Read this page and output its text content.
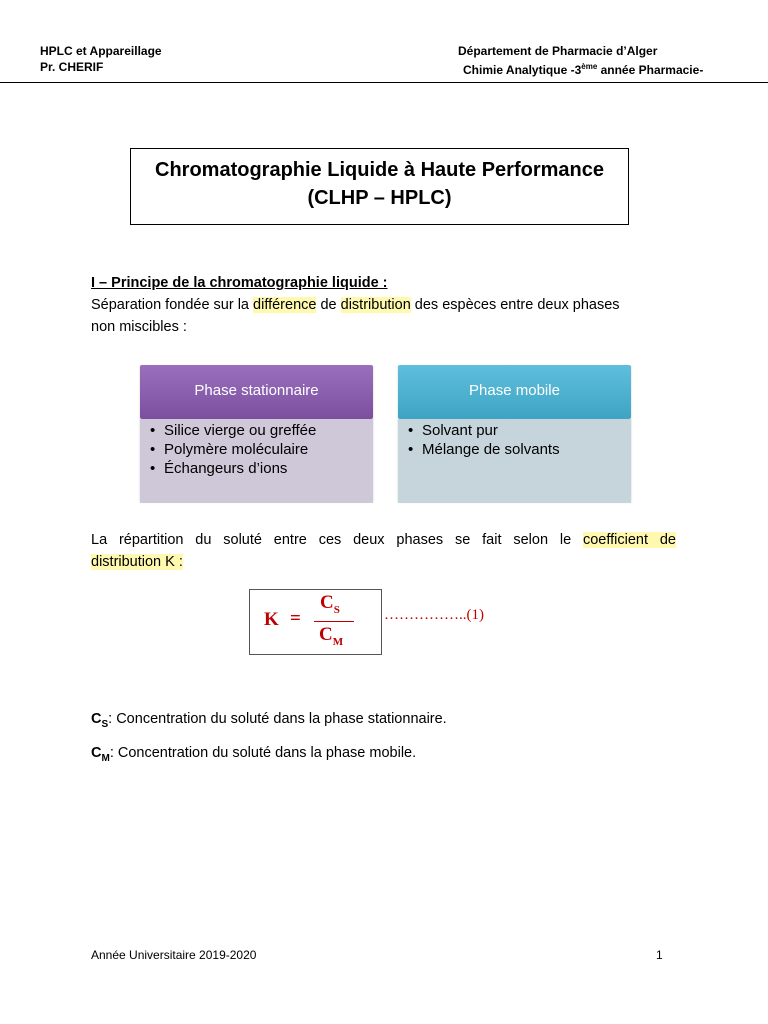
HPLC et Appareillage
Pr. CHERIF
Département de Pharmacie d’Alger
Chimie Analytique -3ème année Pharmacie-
Chromatographie Liquide à Haute Performance
(CLHP – HPLC)
I – Principe de la chromatographie liquide :
Séparation fondée sur la différence de distribution des espèces entre deux phases
non miscibles :
Phase stationnaire
• Silice vierge ou greffée
• Polymère moléculaire
• Échangeurs d’ions
Phase mobile
• Solvant pur
• Mélange de solvants
La répartition du soluté entre ces deux phases se fait selon le coefficient de
distribution K :
K =
$C_S$
$C_M$
……………..(1)
$C_S$: Concentration du soluté dans la phase stationnaire.
$C_M$: Concentration du soluté dans la phase mobile.
Année Universitaire 2019-2020	1
